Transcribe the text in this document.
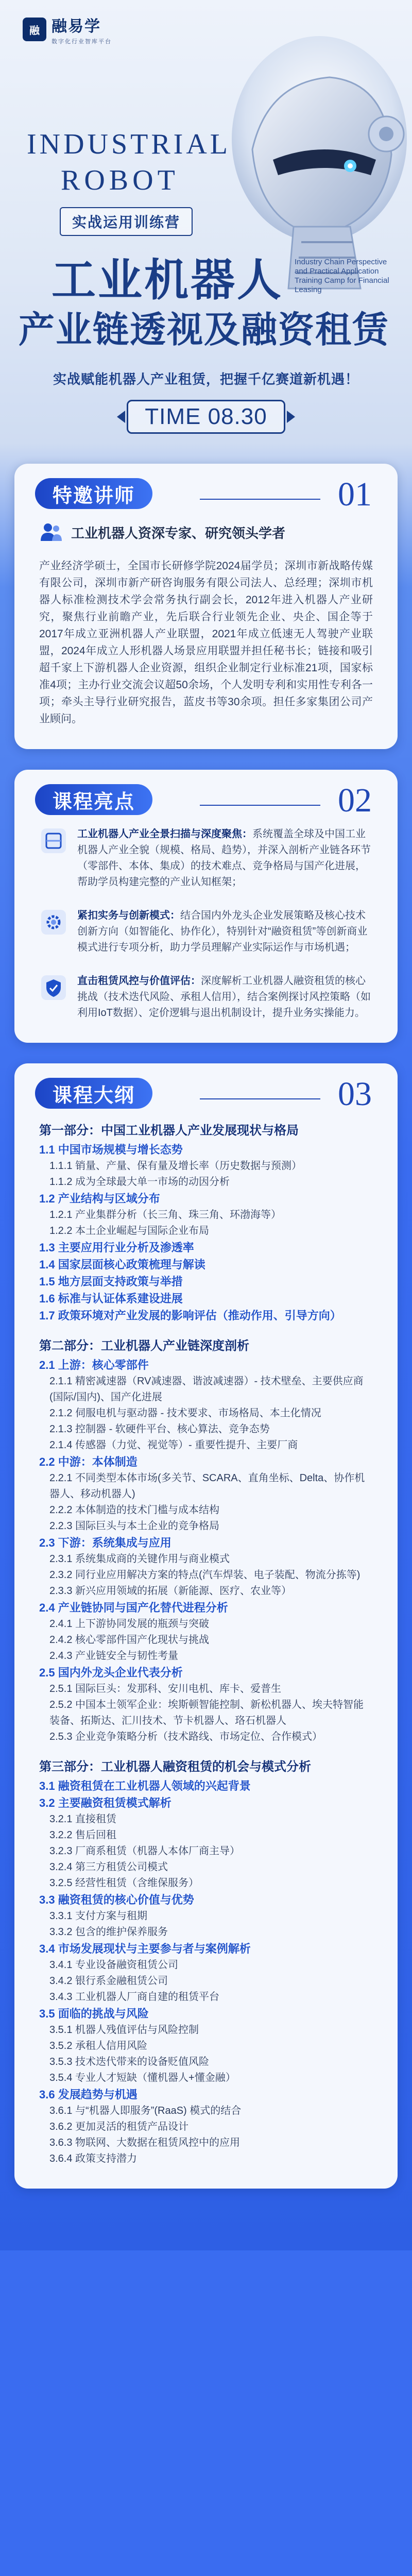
融 融易学
数字化行业智库平台
INDUSTRIAL
ROBOT
实战运用训练营
工业机器人 Industry Chain Perspective and Practical Application Training Camp for Financial Leasing
产业链透视及融资租赁
实战赋能机器人产业租赁，把握千亿赛道新机遇！
TIME 08.30
特邀讲师	01
工业机器人资深专家、研究领头学者

产业经济学硕士，全国市长研修学院2024届学员；深圳市新战略传媒有限公司，深圳市新产研咨询服务有限公司法人、总经理；深圳市机器人标准检测技术学会常务执行副会长，2012年进入机器人产业研究，聚焦行业前瞻产业，先后联合行业领先企业、央企、国企等于2017年成立亚洲机器人产业联盟，2021年成立低速无人驾驶产业联盟，2024年成立人形机器人场景应用联盟并担任秘书长；链接和吸引超千家上下游机器人企业资源，组织企业制定行业标准21项，国家标准4项；主办行业交流会议超50余场，个人发明专利和实用性专利各一项；牵头主导行业研究报告，蓝皮书等30余项。担任多家集团公司产业顾问。

课程亮点	02

工业机器人产业全景扫描与深度聚焦：系统覆盖全球及中国工业机器人产业全貌（规模、格局、趋势），并深入剖析产业链各环节（零部件、本体、集成）的技术难点、竞争格局与国产化进展，帮助学员构建完整的产业认知框架；

紧扣实务与创新模式：结合国内外龙头企业发展策略及核心技术创新方向（如智能化、协作化），特别针对“融资租赁”等创新商业模式进行专项分析，助力学员理解产业实际运作与市场机遇；

直击租赁风控与价值评估：深度解析工业机器人融资租赁的核心挑战（技术迭代风险、承租人信用），结合案例探讨风控策略（如利用IoT数据）、定价逻辑与退出机制设计，提升业务实操能力。

课程大纲	03
第一部分：中国工业机器人产业发展现状与格局
1.1 中国市场规模与增长态势
1.1.1 销量、产量、保有量及增长率（历史数据与预测）
1.1.2 成为全球最大单一市场的动因分析
1.2 产业结构与区域分布
1.2.1 产业集群分析（长三角、珠三角、环渤海等）
1.2.2 本土企业崛起与国际企业布局
1.3 主要应用行业分析及渗透率
1.4 国家层面核心政策梳理与解读
1.5 地方层面支持政策与举措
1.6 标准与认证体系建设进展
1.7 政策环境对产业发展的影响评估（推动作用、引导方向）
第二部分：工业机器人产业链深度剖析
2.1 上游：核心零部件
2.1.1 精密减速器（RV减速器、谐波减速器）- 技术壁垒、主要供应商(国际/国内)、国产化进展
2.1.2 伺服电机与驱动器 - 技术要求、市场格局、本土化情况
2.1.3 控制器 - 软硬件平台、核心算法、竞争态势
2.1.4 传感器（力觉、视觉等）- 重要性提升、主要厂商
2.2 中游：本体制造
2.2.1 不同类型本体市场(多关节、SCARA、直角坐标、Delta、协作机器人、移动机器人)
2.2.2 本体制造的技术门槛与成本结构
2.2.3 国际巨头与本土企业的竞争格局
2.3 下游：系统集成与应用
2.3.1 系统集成商的关键作用与商业模式
2.3.2 同行业应用解决方案的特点(汽车焊装、电子装配、物流分拣等)
2.3.3 新兴应用领域的拓展（新能源、医疗、农业等）
2.4 产业链协同与国产化替代进程分析
2.4.1 上下游协同发展的瓶颈与突破
2.4.2 核心零部件国产化现状与挑战
2.4.3 产业链安全与韧性考量
2.5 国内外龙头企业代表分析
2.5.1 国际巨头：发那科、安川电机、库卡、爱普生
2.5.2 中国本土领军企业：埃斯顿智能控制、新松机器人、埃夫特智能装备、拓斯达、汇川技术、节卡机器人、珞石机器人
2.5.3 企业竞争策略分析（技术路线、市场定位、合作模式）
第三部分：工业机器人融资租赁的机会与模式分析
3.1 融资租赁在工业机器人领域的兴起背景
3.2 主要融资租赁模式解析
3.2.1 直接租赁
3.2.2 售后回租
3.2.3 厂商系租赁（机器人本体厂商主导）
3.2.4 第三方租赁公司模式
3.2.5 经营性租赁（含维保服务）
3.3 融资租赁的核心价值与优势
3.3.1 支付方案与租期
3.3.2 包含的维护保养服务
3.4 市场发展现状与主要参与者与案例解析
3.4.1 专业设备融资租赁公司
3.4.2 银行系金融租赁公司
3.4.3 工业机器人厂商自建的租赁平台
3.5 面临的挑战与风险
3.5.1 机器人残值评估与风险控制
3.5.2 承租人信用风险
3.5.3 技术迭代带来的设备贬值风险
3.5.4 专业人才短缺（懂机器人+懂金融）
3.6 发展趋势与机遇
3.6.1 与“机器人即服务”(RaaS) 模式的结合
3.6.2 更加灵活的租赁产品设计
3.6.3 物联网、大数据在租赁风控中的应用
3.6.4 政策支持潜力
